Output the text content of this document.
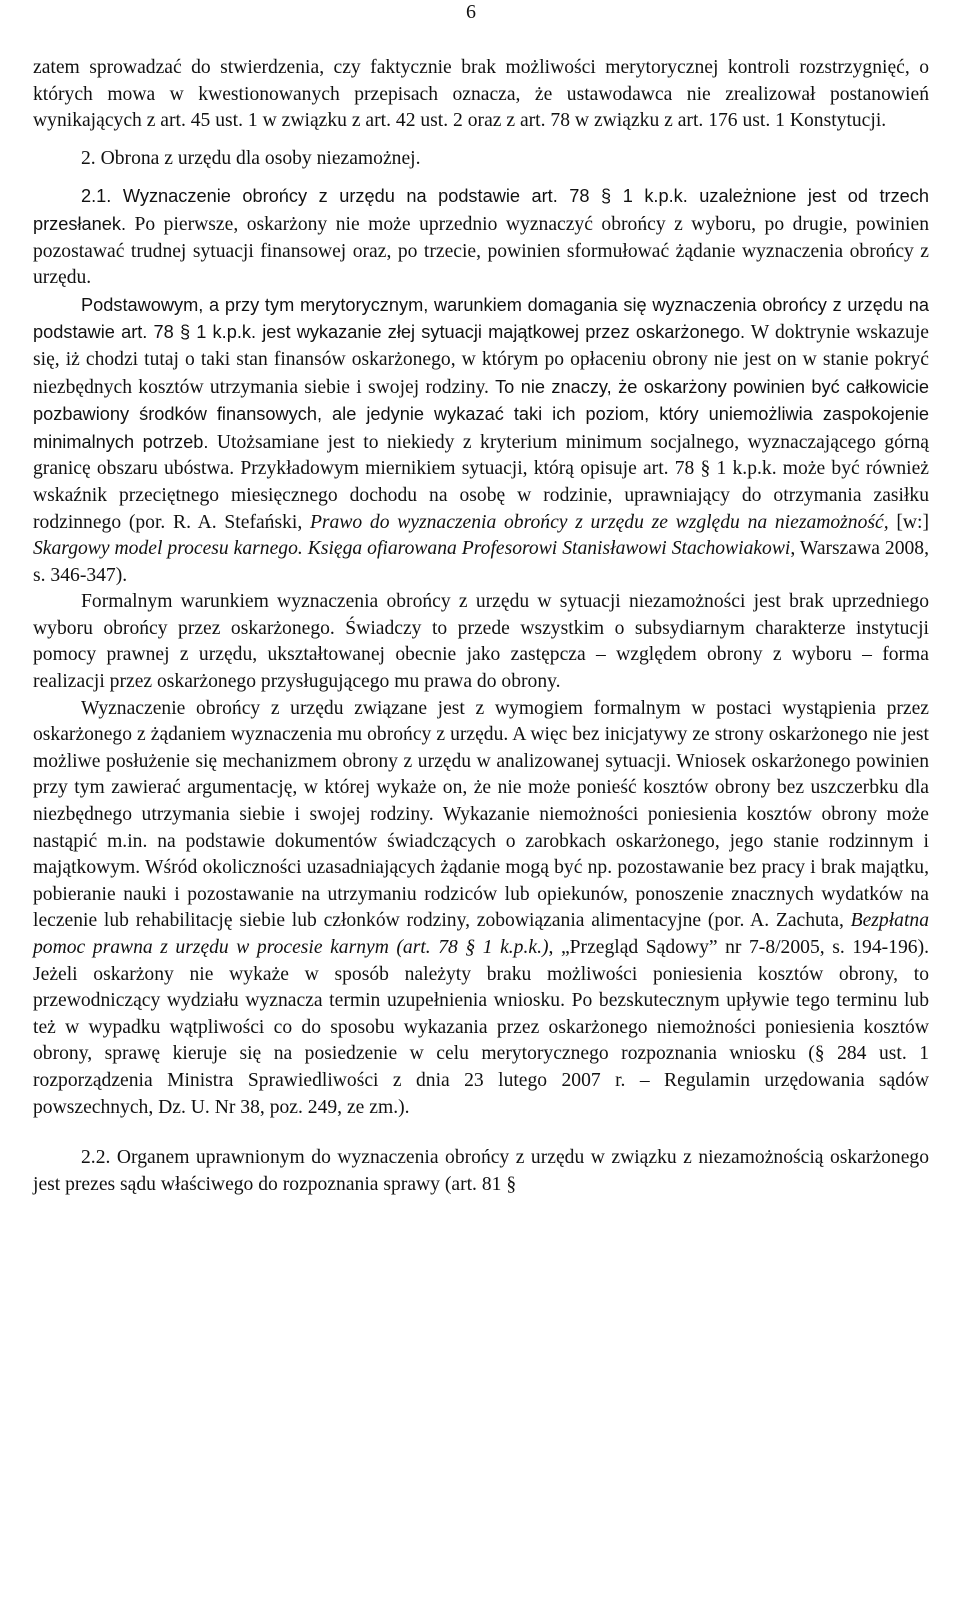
6

zatem sprowadzać do stwierdzenia, czy faktycznie brak możliwości merytorycznej kontroli rozstrzygnięć, o których mowa w kwestionowanych przepisach oznacza, że ustawodawca nie zrealizował postanowień wynikających z art. 45 ust. 1 w związku z art. 42 ust. 2 oraz z art. 78 w związku z art. 176 ust. 1 Konstytucji.

2. Obrona z urzędu dla osoby niezamożnej.

2.1. Wyznaczenie obrońcy z urzędu na podstawie art. 78 § 1 k.p.k. uzależnione jest od trzech przesłanek. Po pierwsze, oskarżony nie może uprzednio wyznaczyć obrońcy z wyboru, po drugie, powinien pozostawać trudnej sytuacji finansowej oraz, po trzecie, powinien sformułować żądanie wyznaczenia obrońcy z urzędu.

Podstawowym, a przy tym merytorycznym, warunkiem domagania się wyznaczenia obrońcy z urzędu na podstawie art. 78 § 1 k.p.k. jest wykazanie złej sytuacji majątkowej przez oskarżonego. W doktrynie wskazuje się, iż chodzi tutaj o taki stan finansów oskarżonego, w którym po opłaceniu obrony nie jest on w stanie pokryć niezbędnych kosztów utrzymania siebie i swojej rodziny. To nie znaczy, że oskarżony powinien być całkowicie pozbawiony środków finansowych, ale jedynie wykazać taki ich poziom, który uniemożliwia zaspokojenie minimalnych potrzeb. Utożsamiane jest to niekiedy z kryterium minimum socjalnego, wyznaczającego górną granicę obszaru ubóstwa. Przykładowym miernikiem sytuacji, którą opisuje art. 78 § 1 k.p.k. może być również wskaźnik przeciętnego miesięcznego dochodu na osobę w rodzinie, uprawniający do otrzymania zasiłku rodzinnego (por. R. A. Stefański, Prawo do wyznaczenia obrońcy z urzędu ze względu na niezamożność, [w:] Skargowy model procesu karnego. Księga ofiarowana Profesorowi Stanisławowi Stachowiakowi, Warszawa 2008, s. 346-347).

Formalnym warunkiem wyznaczenia obrońcy z urzędu w sytuacji niezamożności jest brak uprzedniego wyboru obrońcy przez oskarżonego. Świadczy to przede wszystkim o subsydiarnym charakterze instytucji pomocy prawnej z urzędu, ukształtowanej obecnie jako zastępcza – względem obrony z wyboru – forma realizacji przez oskarżonego przysługującego mu prawa do obrony.

Wyznaczenie obrońcy z urzędu związane jest z wymogiem formalnym w postaci wystąpienia przez oskarżonego z żądaniem wyznaczenia mu obrońcy z urzędu. A więc bez inicjatywy ze strony oskarżonego nie jest możliwe posłużenie się mechanizmem obrony z urzędu w analizowanej sytuacji. Wniosek oskarżonego powinien przy tym zawierać argumentację, w której wykaże on, że nie może ponieść kosztów obrony bez uszczerbku dla niezbędnego utrzymania siebie i swojej rodziny. Wykazanie niemożności poniesienia kosztów obrony może nastąpić m.in. na podstawie dokumentów świadczących o zarobkach oskarżonego, jego stanie rodzinnym i majątkowym. Wśród okoliczności uzasadniających żądanie mogą być np. pozostawanie bez pracy i brak majątku, pobieranie nauki i pozostawanie na utrzymaniu rodziców lub opiekunów, ponoszenie znacznych wydatków na leczenie lub rehabilitację siebie lub członków rodziny, zobowiązania alimentacyjne (por. A. Zachuta, Bezpłatna pomoc prawna z urzędu w procesie karnym (art. 78 § 1 k.p.k.), „Przegląd Sądowy” nr 7-8/2005, s. 194-196). Jeżeli oskarżony nie wykaże w sposób należyty braku możliwości poniesienia kosztów obrony, to przewodniczący wydziału wyznacza termin uzupełnienia wniosku. Po bezskutecznym upływie tego terminu lub też w wypadku wątpliwości co do sposobu wykazania przez oskarżonego niemożności poniesienia kosztów obrony, sprawę kieruje się na posiedzenie w celu merytorycznego rozpoznania wniosku (§ 284 ust. 1 rozporządzenia Ministra Sprawiedliwości z dnia 23 lutego 2007 r. – Regulamin urzędowania sądów powszechnych, Dz. U. Nr 38, poz. 249, ze zm.).

2.2. Organem uprawnionym do wyznaczenia obrońcy z urzędu w związku z niezamożnością oskarżonego jest prezes sądu właściwego do rozpoznania sprawy (art. 81 §
